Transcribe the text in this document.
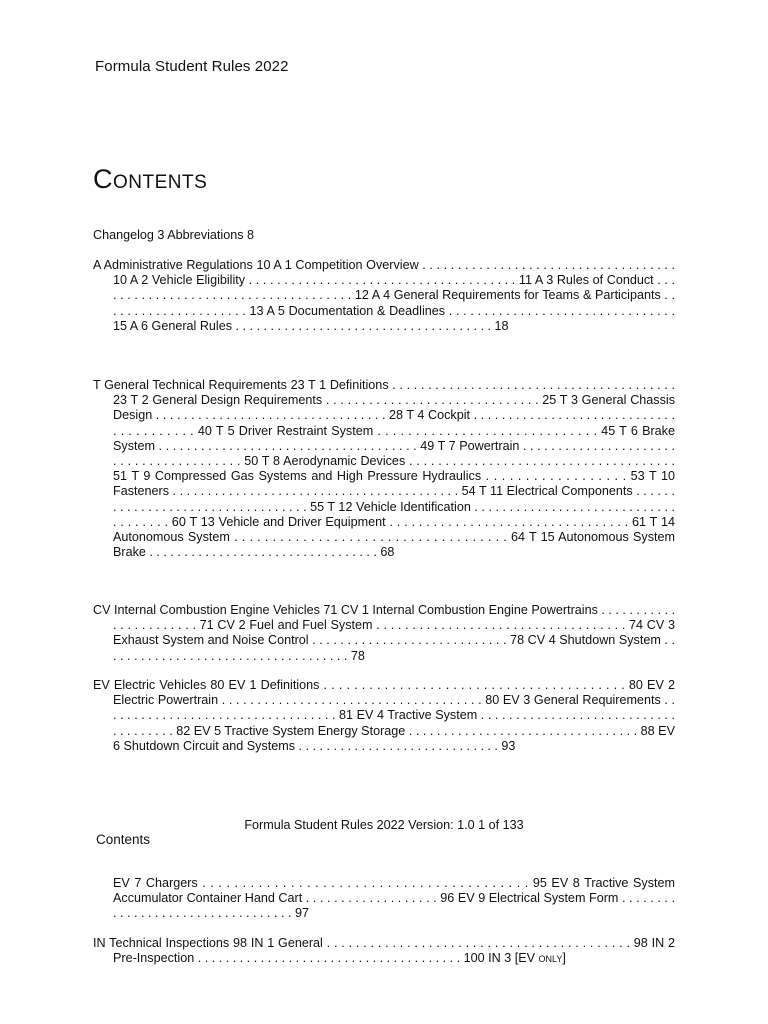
Formula Student Rules 2022
Contents
Changelog 3 Abbreviations 8
A Administrative Regulations 10 A 1 Competition Overview . . . . . . . . . . . . . . . . . . . . . . . . . . . . . . . . . . . . 10 A 2 Vehicle Eligibility . . . . . . . . . . . . . . . . . . . . . . . . . . . . . . . . . . . . . . 11 A 3 Rules of Conduct . . . . . . . . . . . . . . . . . . . . . . . . . . . . . . . . . . . . . 12 A 4 General Requirements for Teams & Participants . . . . . . . . . . . . . . . . . . . . . 13 A 5 Documentation & Deadlines . . . . . . . . . . . . . . . . . . . . . . . . . . . . . . . . 15 A 6 General Rules . . . . . . . . . . . . . . . . . . . . . . . . . . . . . . . . . . . . . 18
T General Technical Requirements 23 T 1 Definitions . . . . . . . . . . . . . . . . . . . . . . . . . . . . . . . . . . . . . . . . 23 T 2 General Design Requirements . . . . . . . . . . . . . . . . . . . . . . . . . . . . . . 25 T 3 General Chassis Design . . . . . . . . . . . . . . . . . . . . . . . . . . . . . . . . . 28 T 4 Cockpit . . . . . . . . . . . . . . . . . . . . . . . . . . . . . . . . . . . . . . . . 40 T 5 Driver Restraint System . . . . . . . . . . . . . . . . . . . . . . . . . . . . . 45 T 6 Brake System . . . . . . . . . . . . . . . . . . . . . . . . . . . . . . . . . . . . . 49 T 7 Powertrain . . . . . . . . . . . . . . . . . . . . . . . . . . . . . . . . . . . . . . . . 50 T 8 Aerodynamic Devices . . . . . . . . . . . . . . . . . . . . . . . . . . . . . . . . . . . . . 51 T 9 Compressed Gas Systems and High Pressure Hydraulics . . . . . . . . . . . . . . . . . . 53 T 10 Fasteners . . . . . . . . . . . . . . . . . . . . . . . . . . . . . . . . . . . . . . . . . 54 T 11 Electrical Components . . . . . . . . . . . . . . . . . . . . . . . . . . . . . . . . . . 55 T 12 Vehicle Identification . . . . . . . . . . . . . . . . . . . . . . . . . . . . . . . . . . . . . 60 T 13 Vehicle and Driver Equipment . . . . . . . . . . . . . . . . . . . . . . . . . . . . . . . . . 61 T 14 Autonomous System . . . . . . . . . . . . . . . . . . . . . . . . . . . . . . . . . . . . 64 T 15 Autonomous System Brake . . . . . . . . . . . . . . . . . . . . . . . . . . . . . . . . . 68
CV Internal Combustion Engine Vehicles 71 CV 1 Internal Combustion Engine Powertrains . . . . . . . . . . . . . . . . . . . . . . . 71 CV 2 Fuel and Fuel System . . . . . . . . . . . . . . . . . . . . . . . . . . . . . . . . . . . 74 CV 3 Exhaust System and Noise Control . . . . . . . . . . . . . . . . . . . . . . . . . . . . 78 CV 4 Shutdown System . . . . . . . . . . . . . . . . . . . . . . . . . . . . . . . . . . . . 78
EV Electric Vehicles 80 EV 1 Definitions . . . . . . . . . . . . . . . . . . . . . . . . . . . . . . . . . . . . . . . . 80 EV 2 Electric Powertrain . . . . . . . . . . . . . . . . . . . . . . . . . . . . . . . . . . . . . 80 EV 3 General Requirements . . . . . . . . . . . . . . . . . . . . . . . . . . . . . . . . . . 81 EV 4 Tractive System . . . . . . . . . . . . . . . . . . . . . . . . . . . . . . . . . . . . . 82 EV 5 Tractive System Energy Storage . . . . . . . . . . . . . . . . . . . . . . . . . . . . . . . . . 88 EV 6 Shutdown Circuit and Systems . . . . . . . . . . . . . . . . . . . . . . . . . . . . . 93
Formula Student Rules 2022 Version: 1.0 1 of 133
Contents
EV 7 Chargers . . . . . . . . . . . . . . . . . . . . . . . . . . . . . . . . . . . . . . . . . 95 EV 8 Tractive System Accumulator Container Hand Cart . . . . . . . . . . . . . . . . . . . 96 EV 9 Electrical System Form . . . . . . . . . . . . . . . . . . . . . . . . . . . . . . . . . . 97
IN Technical Inspections 98 IN 1 General . . . . . . . . . . . . . . . . . . . . . . . . . . . . . . . . . . . . . . . . . . 98 IN 2 Pre-Inspection . . . . . . . . . . . . . . . . . . . . . . . . . . . . . . . . . . . . . . 100 IN 3 [EV only]
